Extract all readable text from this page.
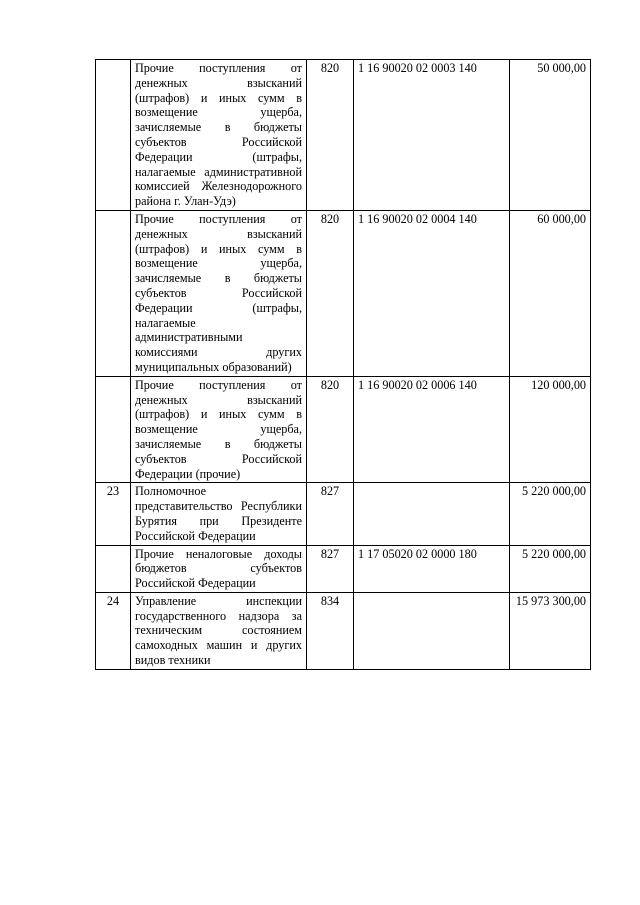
	Прочие поступления от денежных взысканий (штрафов) и иных сумм в возмещение ущерба, зачисляемые в бюджеты субъектов Российской Федерации (штрафы, налагаемые административной комиссией Железнодорожного района г. Улан-Удэ)	820	1 16 90020 02 0003 140	50 000,00

	Прочие поступления от денежных взысканий (штрафов) и иных сумм в возмещение ущерба, зачисляемые в бюджеты субъектов Российской Федерации (штрафы, налагаемые административными комиссиями других муниципальных образований)	820	1 16 90020 02 0004 140	60 000,00

	Прочие поступления от денежных взысканий (штрафов) и иных сумм в возмещение ущерба, зачисляемые в бюджеты субъектов Российской Федерации (прочие)	820	1 16 90020 02 0006 140	120 000,00
23	Полномочное представительство Республики Бурятия при Президенте Российской Федерации	827		5 220 000,00

	Прочие неналоговые доходы бюджетов субъектов Российской Федерации	827	1 17 05020 02 0000 180	5 220 000,00
24	Управление инспекции государственного надзора за техническим состоянием самоходных машин и других видов техники	834		15 973 300,00
